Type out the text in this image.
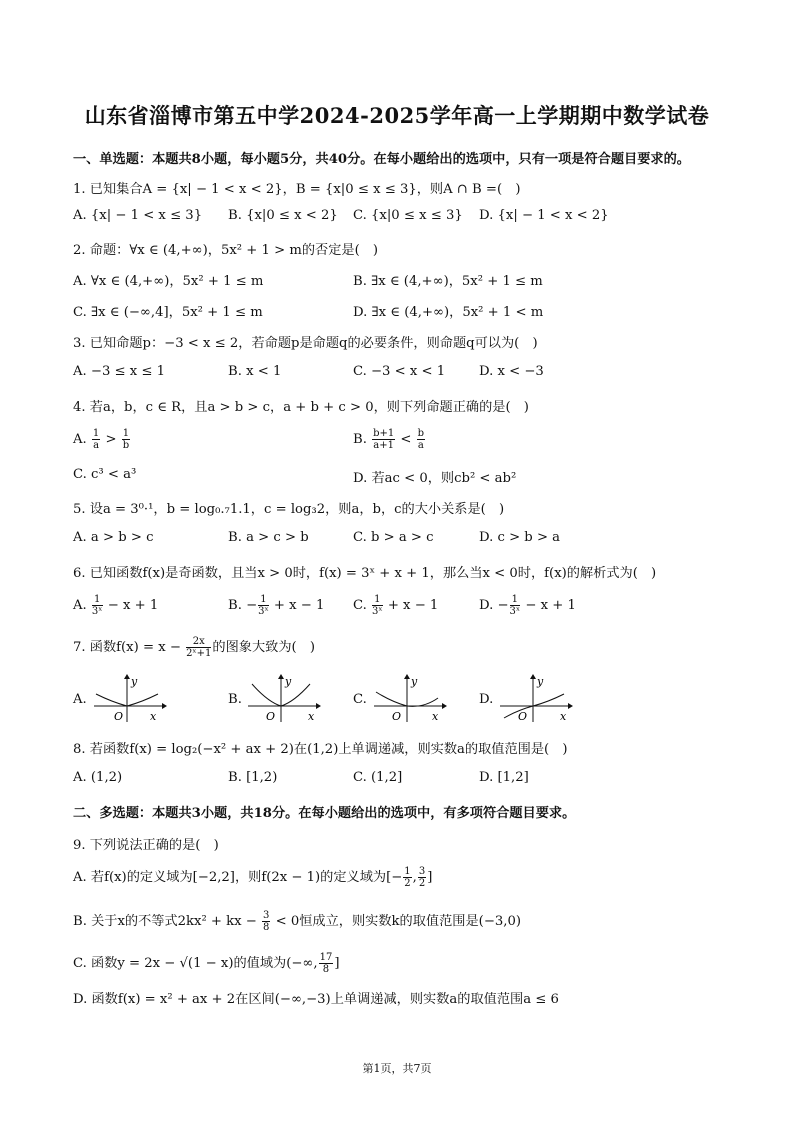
山东省淄博市第五中学2024-2025学年高一上学期期中数学试卷
一、单选题：本题共8小题，每小题5分，共40分。在每小题给出的选项中，只有一项是符合题目要求的。
1. 已知集合A = {x| − 1 < x < 2}，B = {x|0 ≤ x ≤ 3}，则A ∩ B =(　)
A. {x| − 1 < x ≤ 3} B. {x|0 ≤ x < 2} C. {x|0 ≤ x ≤ 3} D. {x| − 1 < x < 2}
2. 命题：∀x ∈ (4,+∞)，5x² + 1 > m的否定是(　)
A. ∀x ∈ (4,+∞)，5x² + 1 ≤ m	B. ∃x ∈ (4,+∞)，5x² + 1 ≤ m
C. ∃x ∈ (−∞,4]，5x² + 1 ≤ m	D. ∃x ∈ (4,+∞)，5x² + 1 < m
3. 已知命题p：−3 < x ≤ 2，若命题p是命题q的必要条件，则命题q可以为(　)
A. −3 ≤ x ≤ 1	B. x < 1	C. −3 < x < 1	D. x < −3
4. 若a，b，c ∈ R，且a > b > c，a + b + c > 0，则下列命题正确的是(　)
A. $\frac{1}{a} > \frac{1}{b}$	B. $\frac{b+1}{a+1} < \frac{b}{a}$
C. c³ < a³	D. 若ac < 0，则cb² < ab²
5. 设a = 3⁰·¹，b = log₀.₇1.1，c = log₃2，则a，b，c的大小关系是(　)
A. a > b > c	B. a > c > b	C. b > a > c	D. c > b > a
6. 已知函数f(x)是奇函数，且当x > 0时，f(x) = 3ˣ + x + 1，那么当x < 0时，f(x)的解析式为(　)
A. $\frac{1}{\text{3ˣ}} - x + 1$	B. − $\frac{1}{\text{3ˣ}} + x - 1$ C. $\frac{1}{\text{3ˣ}} + x - 1$	D. − $\frac{1}{\text{3ˣ}} - x + 1$
7. 函数$f(x) = x - \frac{2x}{\text{2ˣ+1}}$ 的图象大致为(　)
A.
y
x
O
B.
y
x
O
C.
y
x
O
D.
y
x
O
8. 若函数f(x) = log₂(−x² + ax + 2)在(1,2)上单调递减，则实数a的取值范围是(　)
A. (1,2)	B. [1,2)	C. (1,2]	D. [1,2]
二、多选题：本题共3小题，共18分。在每小题给出的选项中，有多项符合题目要求。
9. 下列说法正确的是(　)
A. 若f(x)的定义域为[−2,2]，则f(2x − 1)的定义域为[− $\frac{1}{2}$ , $\frac{3}{2}$ ]
B. 关于x的不等式2kx² + kx − $\frac{3}{8} < 0$恒成立，则实数k的取值范围是(−3,0)
C. 函数y = 2x − √(1 − x)的值域为(−∞, $\frac{17}{8}$ ]
D. 函数f(x) = x² + ax + 2在区间(−∞,−3)上单调递减，则实数a的取值范围a ≤ 6
第1页，共7页
